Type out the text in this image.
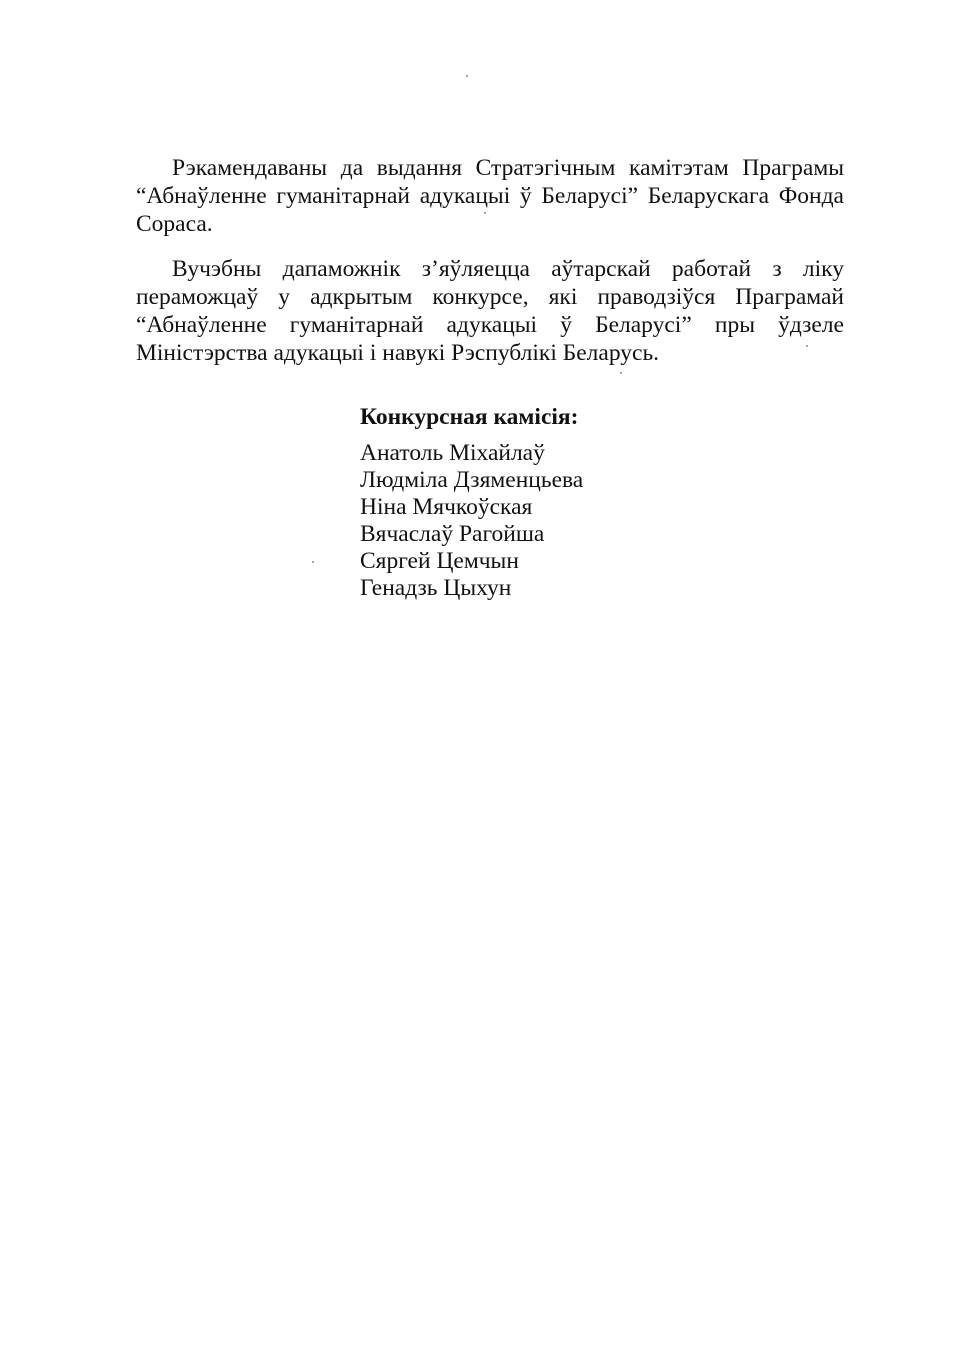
Рэкамендаваны да выдання Стратэгічным камітэтам Праграмы “Абнаўленне гуманітарнай адукацыі ў Беларусі” Беларускага Фонда Сораса.

Вучэбны дапаможнік з’яўляецца аўтарскай работай з ліку пераможцаў у адкрытым конкурсе, які праводзіўся Праграмай “Абнаўленне гуманітарнай адукацыі ў Беларусі” пры ўдзеле Міністэрства адукацыі і навукі Рэспублікі Беларусь.

Конкурсная камісія:

Анатоль Міхайлаў

Людміла Дзяменцьева

Ніна Мячкоўская

Вячаслаў Рагойша

Сяргей Цемчын

Генадзь Цыхун
